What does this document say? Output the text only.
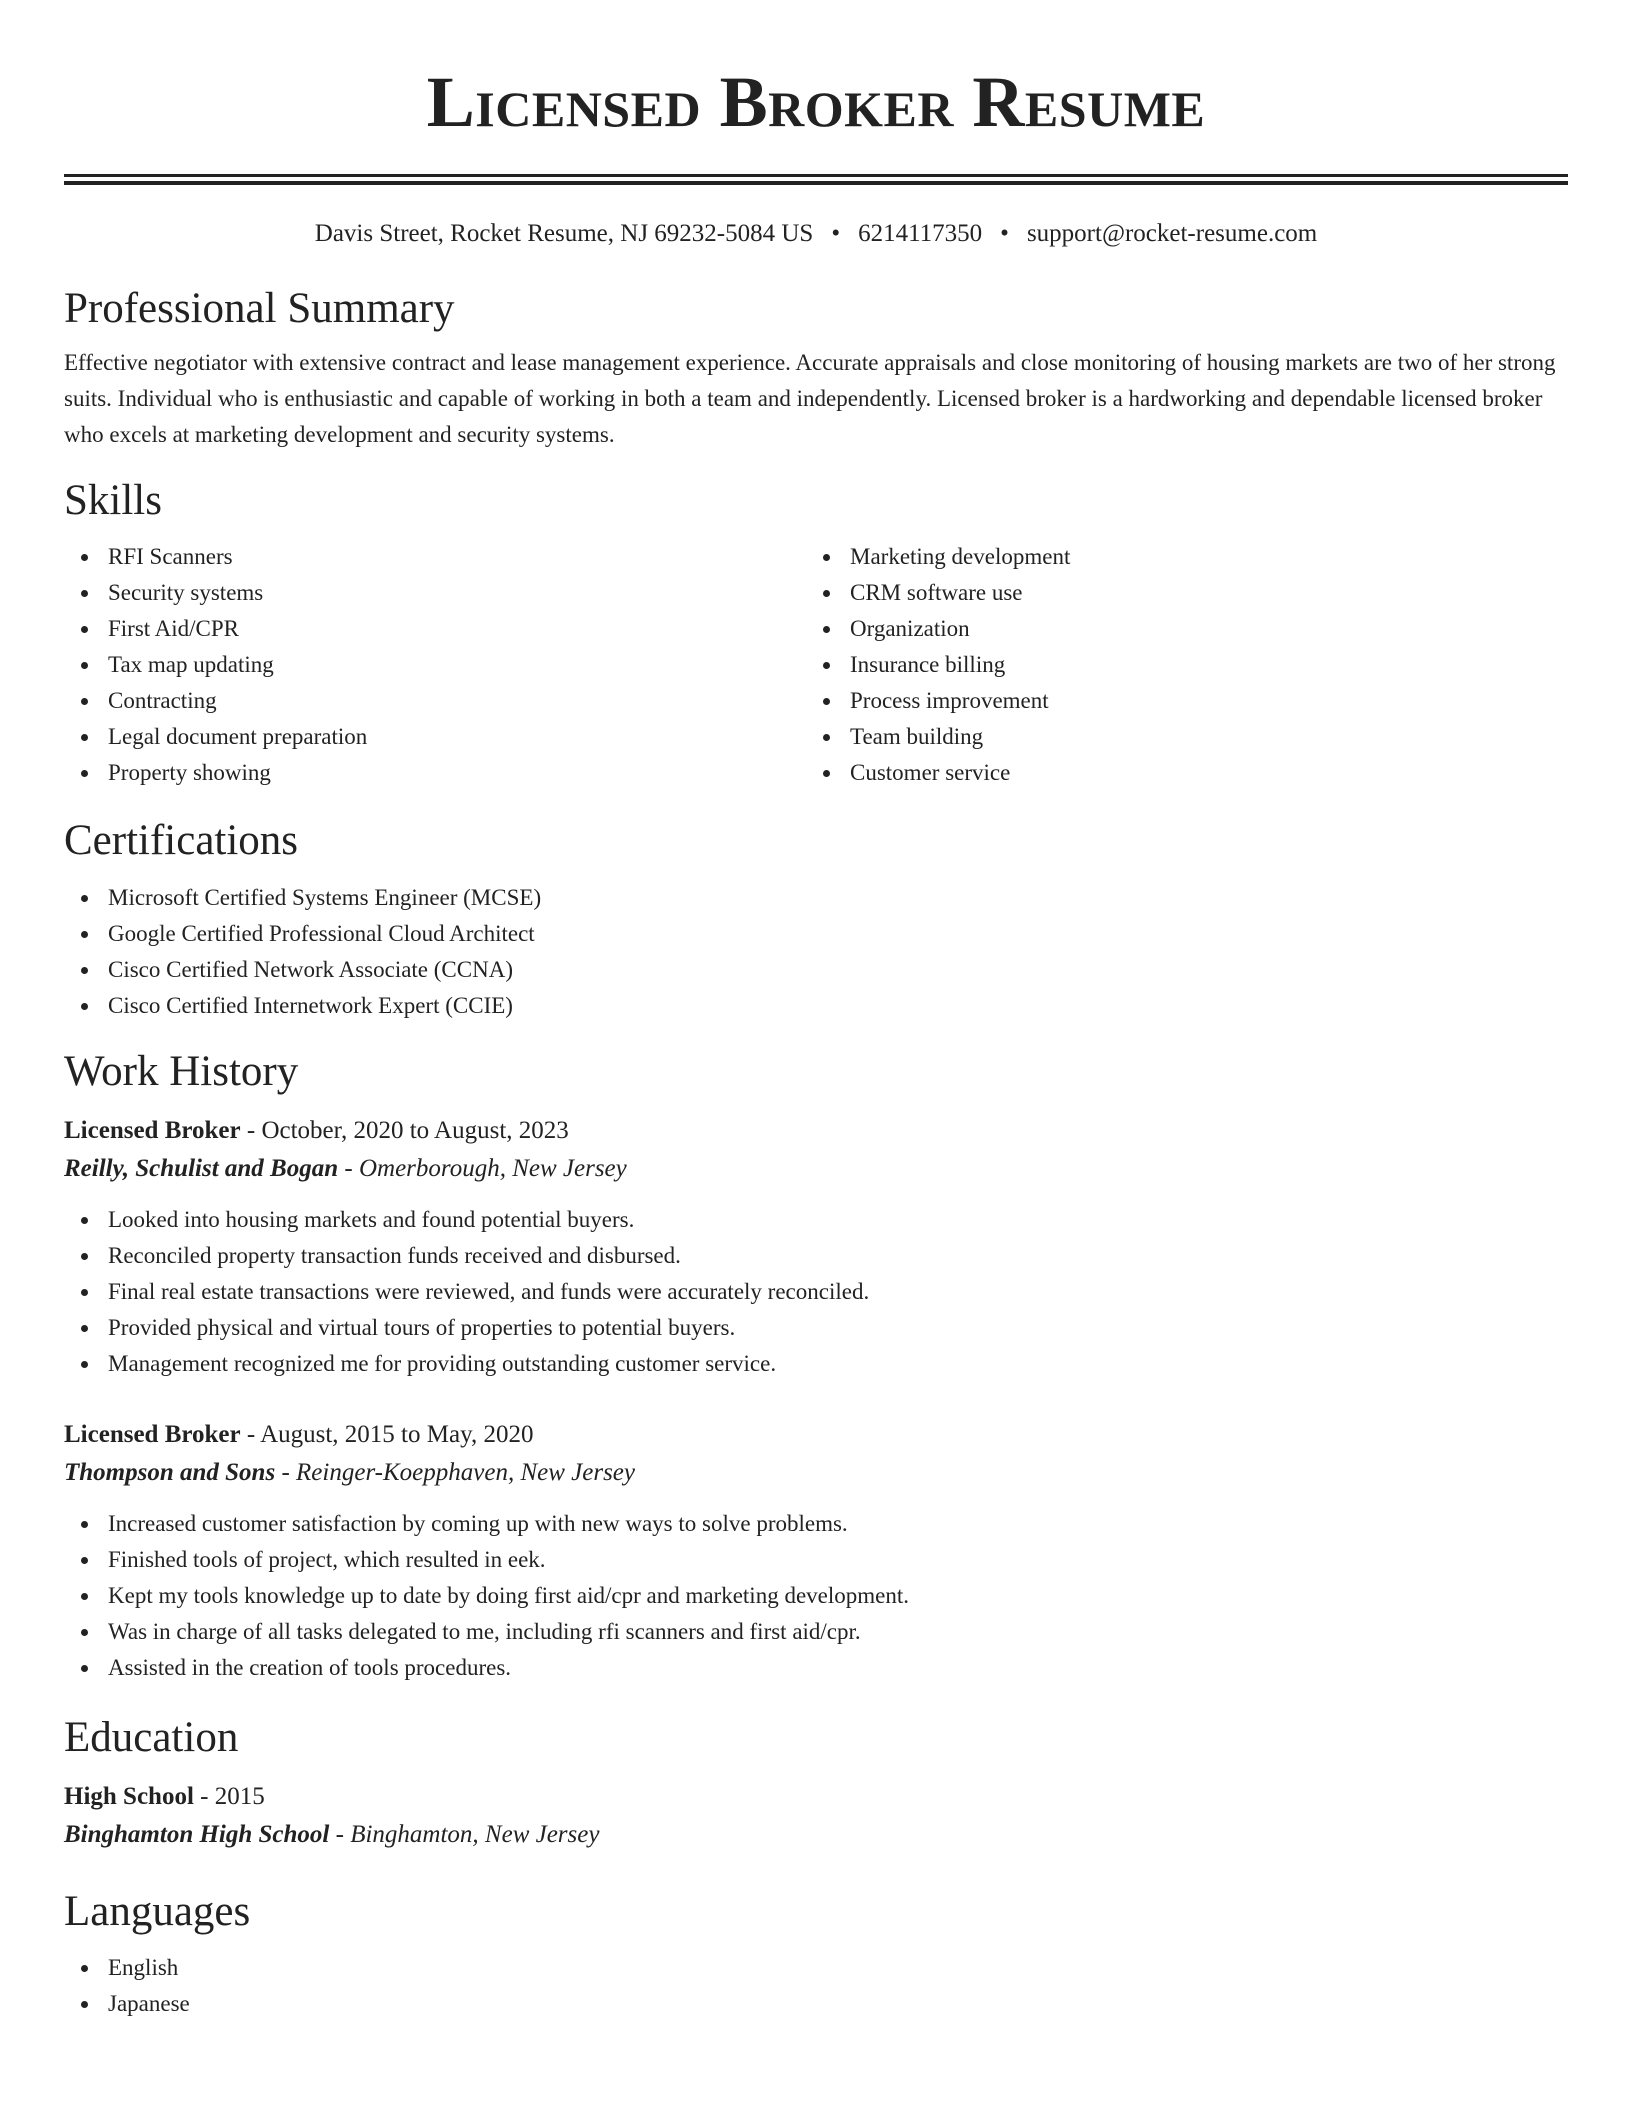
Licensed Broker Resume
Davis Street, Rocket Resume, NJ 69232-5084 US • 6214117350 • support@rocket-resume.com
Professional Summary

Effective negotiator with extensive contract and lease management experience. Accurate appraisals and close monitoring of housing markets are two of her strong suits. Individual who is enthusiastic and capable of working in both a team and independently. Licensed broker is a hardworking and dependable licensed broker who excels at marketing development and security systems.

Skills
RFI Scanners
Security systems
First Aid/CPR
Tax map updating
Contracting
Legal document preparation
Property showing
Marketing development
CRM software use
Organization
Insurance billing
Process improvement
Team building
Customer service
Certifications
Microsoft Certified Systems Engineer (MCSE)
Google Certified Professional Cloud Architect
Cisco Certified Network Associate (CCNA)
Cisco Certified Internetwork Expert (CCIE)
Work History
Licensed Broker - October, 2020 to August, 2023
Reilly, Schulist and Bogan - Omerborough, New Jersey
Looked into housing markets and found potential buyers.
Reconciled property transaction funds received and disbursed.
Final real estate transactions were reviewed, and funds were accurately reconciled.
Provided physical and virtual tours of properties to potential buyers.
Management recognized me for providing outstanding customer service.
Licensed Broker - August, 2015 to May, 2020
Thompson and Sons - Reinger-Koepphaven, New Jersey
Increased customer satisfaction by coming up with new ways to solve problems.
Finished tools of project, which resulted in eek.
Kept my tools knowledge up to date by doing first aid/cpr and marketing development.
Was in charge of all tasks delegated to me, including rfi scanners and first aid/cpr.
Assisted in the creation of tools procedures.
Education
High School - 2015
Binghamton High School - Binghamton, New Jersey
Languages
English
Japanese
